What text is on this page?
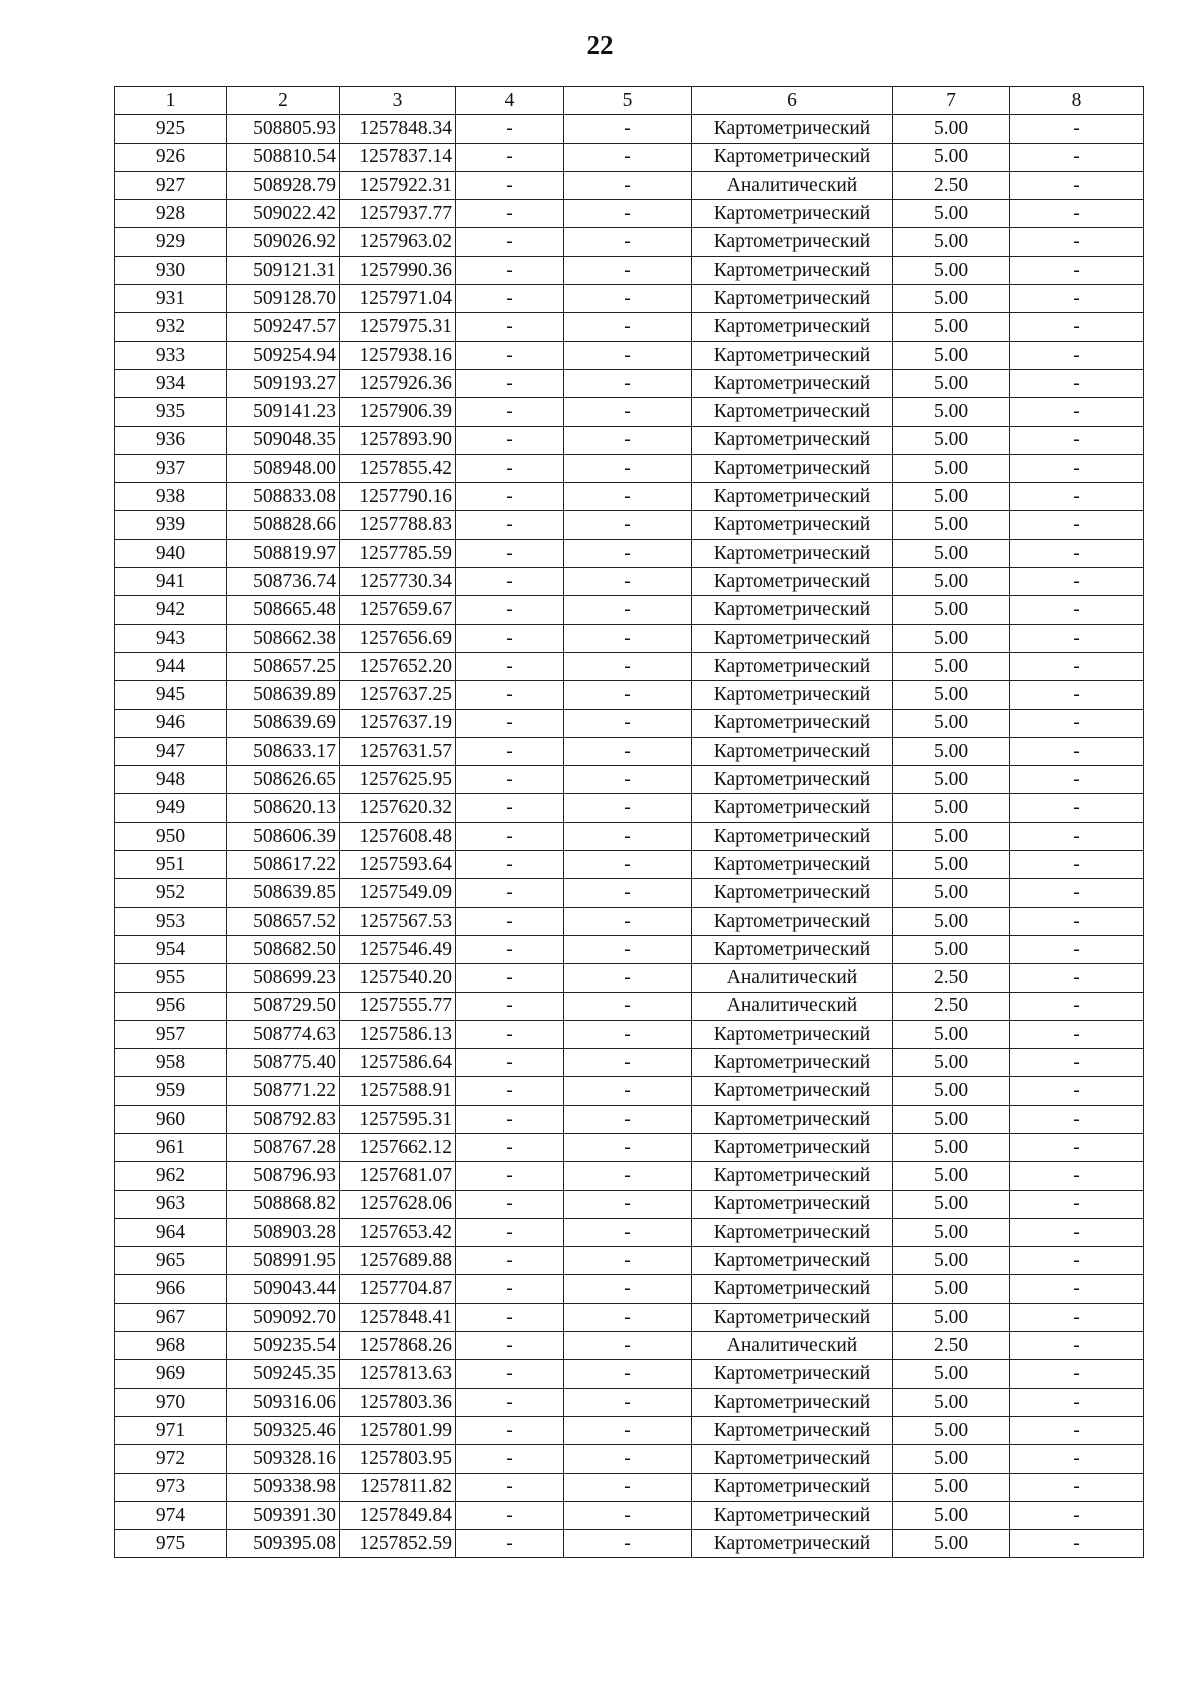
22
1	2	3	4	5	6	7	8
925	508805.93	1257848.34	-	-	Картометрический	5.00	-
926	508810.54	1257837.14	-	-	Картометрический	5.00	-
927	508928.79	1257922.31	-	-	Аналитический	2.50	-
928	509022.42	1257937.77	-	-	Картометрический	5.00	-
929	509026.92	1257963.02	-	-	Картометрический	5.00	-
930	509121.31	1257990.36	-	-	Картометрический	5.00	-
931	509128.70	1257971.04	-	-	Картометрический	5.00	-
932	509247.57	1257975.31	-	-	Картометрический	5.00	-
933	509254.94	1257938.16	-	-	Картометрический	5.00	-
934	509193.27	1257926.36	-	-	Картометрический	5.00	-
935	509141.23	1257906.39	-	-	Картометрический	5.00	-
936	509048.35	1257893.90	-	-	Картометрический	5.00	-
937	508948.00	1257855.42	-	-	Картометрический	5.00	-
938	508833.08	1257790.16	-	-	Картометрический	5.00	-
939	508828.66	1257788.83	-	-	Картометрический	5.00	-
940	508819.97	1257785.59	-	-	Картометрический	5.00	-
941	508736.74	1257730.34	-	-	Картометрический	5.00	-
942	508665.48	1257659.67	-	-	Картометрический	5.00	-
943	508662.38	1257656.69	-	-	Картометрический	5.00	-
944	508657.25	1257652.20	-	-	Картометрический	5.00	-
945	508639.89	1257637.25	-	-	Картометрический	5.00	-
946	508639.69	1257637.19	-	-	Картометрический	5.00	-
947	508633.17	1257631.57	-	-	Картометрический	5.00	-
948	508626.65	1257625.95	-	-	Картометрический	5.00	-
949	508620.13	1257620.32	-	-	Картометрический	5.00	-
950	508606.39	1257608.48	-	-	Картометрический	5.00	-
951	508617.22	1257593.64	-	-	Картометрический	5.00	-
952	508639.85	1257549.09	-	-	Картометрический	5.00	-
953	508657.52	1257567.53	-	-	Картометрический	5.00	-
954	508682.50	1257546.49	-	-	Картометрический	5.00	-
955	508699.23	1257540.20	-	-	Аналитический	2.50	-
956	508729.50	1257555.77	-	-	Аналитический	2.50	-
957	508774.63	1257586.13	-	-	Картометрический	5.00	-
958	508775.40	1257586.64	-	-	Картометрический	5.00	-
959	508771.22	1257588.91	-	-	Картометрический	5.00	-
960	508792.83	1257595.31	-	-	Картометрический	5.00	-
961	508767.28	1257662.12	-	-	Картометрический	5.00	-
962	508796.93	1257681.07	-	-	Картометрический	5.00	-
963	508868.82	1257628.06	-	-	Картометрический	5.00	-
964	508903.28	1257653.42	-	-	Картометрический	5.00	-
965	508991.95	1257689.88	-	-	Картометрический	5.00	-
966	509043.44	1257704.87	-	-	Картометрический	5.00	-
967	509092.70	1257848.41	-	-	Картометрический	5.00	-
968	509235.54	1257868.26	-	-	Аналитический	2.50	-
969	509245.35	1257813.63	-	-	Картометрический	5.00	-
970	509316.06	1257803.36	-	-	Картометрический	5.00	-
971	509325.46	1257801.99	-	-	Картометрический	5.00	-
972	509328.16	1257803.95	-	-	Картометрический	5.00	-
973	509338.98	1257811.82	-	-	Картометрический	5.00	-
974	509391.30	1257849.84	-	-	Картометрический	5.00	-
975	509395.08	1257852.59	-	-	Картометрический	5.00	-
